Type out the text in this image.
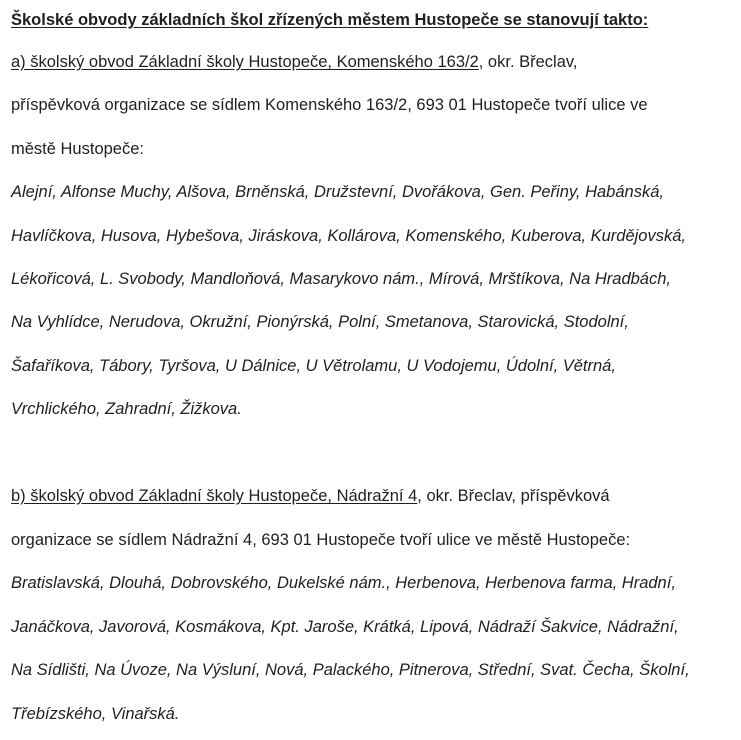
Školské obvody základních škol zřízených městem Hustopeče se stanovují takto:
a) školský obvod Základní školy Hustopeče, Komenského 163/2, okr. Břeclav,
příspěvková organizace se sídlem Komenského 163/2, 693 01 Hustopeče tvoří ulice ve
městě Hustopeče:
Alejní, Alfonse Muchy, Alšova, Brněnská, Družstevní, Dvořákova, Gen. Peřiny, Habánská,
Havlíčkova, Husova, Hybešova, Jiráskova, Kollárova, Komenského, Kuberova, Kurdějovská,
Lékořicová, L. Svobody, Mandloňová, Masarykovo nám., Mírová, Mrštíkova, Na Hradbách,
Na Vyhlídce, Nerudova, Okružní, Pionýrská, Polní, Smetanova, Starovická, Stodolní,
Šafaříkova, Tábory, Tyršova, U Dálnice, U Větrolamu, U Vodojemu, Údolní, Větrná,
Vrchlického, Zahradní, Žižkova.
b) školský obvod Základní školy Hustopeče, Nádražní 4, okr. Břeclav, příspěvková
organizace se sídlem Nádražní 4, 693 01 Hustopeče tvoří ulice ve městě Hustopeče:
Bratislavská, Dlouhá, Dobrovského, Dukelské nám., Herbenova, Herbenova farma, Hradní,
Janáčkova, Javorová, Kosmákova, Kpt. Jaroše, Krátká, Lipová, Nádraží Šakvice, Nádražní,
Na Sídlišti, Na Úvoze, Na Výsluní, Nová, Palackého, Pitnerova, Střední, Svat. Čecha, Školní,
Třebízského, Vinařská.
